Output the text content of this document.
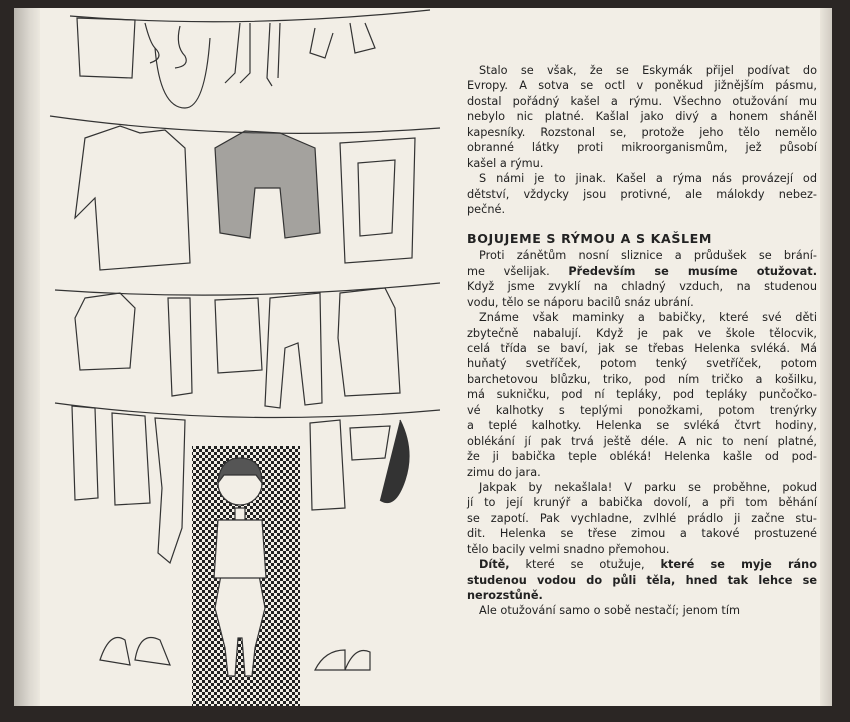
Stalo se však, že se Eskymák přijel podívat do
Evropy. A sotva se octl v poněkud jižnějším pásmu,
dostal pořádný kašel a rýmu. Všechno otužování mu
nebylo nic platné. Kašlal jako divý a honem sháněl
kapesníky. Rozstonal se, protože jeho tělo nemělo
obranné látky proti mikroorganismům, jež působí
kašel a rýmu.
S námi je to jinak. Kašel a rýma nás provázejí od
dětství, vždycky jsou protivné, ale málokdy nebez-
pečné.
BOJUJEME S RÝMOU A S KAŠLEM
Proti zánětům nosní sliznice a průdušek se brání-
me všelijak. Především se musíme otužovat.
Když jsme zvyklí na chladný vzduch, na studenou
vodu, tělo se náporu bacilů snáz ubrání.
Známe však maminky a babičky, které své děti
zbytečně nabalují. Když je pak ve škole tělocvik,
celá třída se baví, jak se třebas Helenka svléká. Má
huňatý svetříček, potom tenký svetříček, potom
barchetovou blůzku, triko, pod ním tričko a košilku,
má sukničku, pod ní tepláky, pod tepláky punčočko-
vé kalhotky s teplými ponožkami, potom trenýrky
a teplé kalhotky. Helenka se svléká čtvrt hodiny,
oblékání jí pak trvá ještě déle. A nic to není platné,
že ji babička teple obléká! Helenka kašle od pod-
zimu do jara.
Jakpak by nekašlala! V parku se proběhne, pokud
jí to její krunýř a babička dovolí, a při tom běhání
se zapotí. Pak vychladne, zvlhlé prádlo ji začne stu-
dit. Helenka se třese zimou a takové prostuzené
tělo bacily velmi snadno přemohou.
Dítě, které se otužuje, které se myje ráno
studenou vodou do půli těla, hned tak lehce se
nerozstůně.
Ale otužování samo o sobě nestačí; jenom tím
